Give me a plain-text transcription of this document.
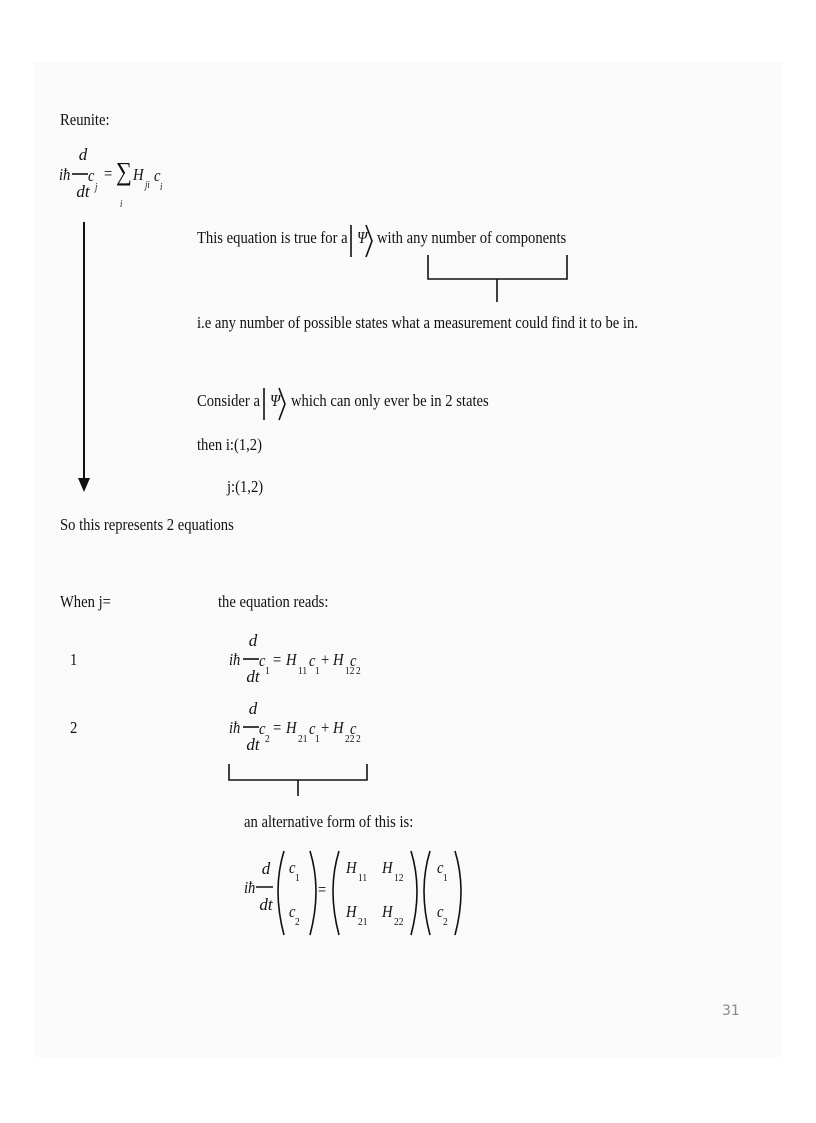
Reunite:
iħ
d
dt
c
j
= ∑
i
H
ji
c
i
This equation is true for a Ψ with any number of components
i.e any number of possible states what a measurement could find it to be in.
Consider a Ψ which can only ever be in 2 states
then i:(1,2)
j:(1,2)
So this represents 2 equations
When j=	the equation reads:
1	iħ
d
dt
c
1
= H
11
c
1
+ H
12
c
2
2	iħ
d
dt
c
2
= H
21
c
1
+ H
22
c
2
an alternative form of this is:
iħ
d
dt
c
1
c
2
=
H
11
H
12
H
21
H
22
c
1
c
2
31
